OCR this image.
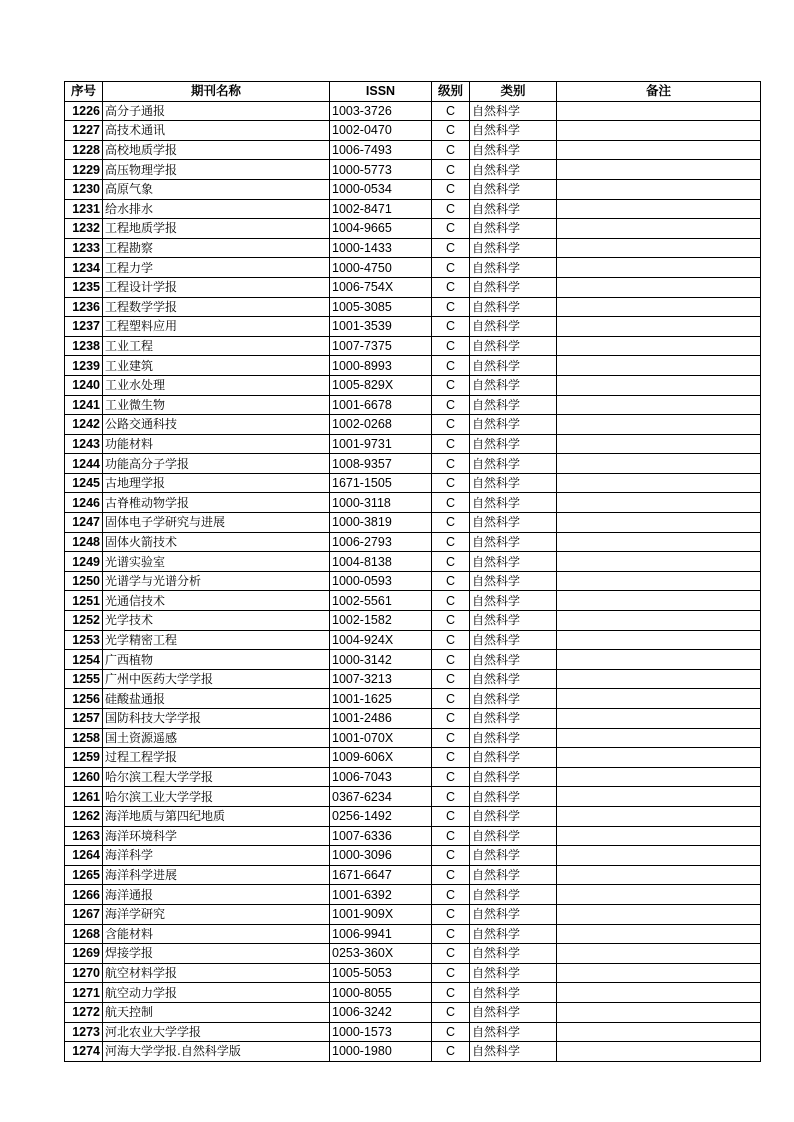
序号	期刊名称	ISSN	级别	类别	备注
1226	高分子通报	1003-3726	C	自然科学	
1227	高技术通讯	1002-0470	C	自然科学	
1228	高校地质学报	1006-7493	C	自然科学	
1229	高压物理学报	1000-5773	C	自然科学	
1230	高原气象	1000-0534	C	自然科学	
1231	给水排水	1002-8471	C	自然科学	
1232	工程地质学报	1004-9665	C	自然科学	
1233	工程勘察	1000-1433	C	自然科学	
1234	工程力学	1000-4750	C	自然科学	
1235	工程设计学报	1006-754X	C	自然科学	
1236	工程数学学报	1005-3085	C	自然科学	
1237	工程塑料应用	1001-3539	C	自然科学	
1238	工业工程	1007-7375	C	自然科学	
1239	工业建筑	1000-8993	C	自然科学	
1240	工业水处理	1005-829X	C	自然科学	
1241	工业微生物	1001-6678	C	自然科学	
1242	公路交通科技	1002-0268	C	自然科学	
1243	功能材料	1001-9731	C	自然科学	
1244	功能高分子学报	1008-9357	C	自然科学	
1245	古地理学报	1671-1505	C	自然科学	
1246	古脊椎动物学报	1000-3118	C	自然科学	
1247	固体电子学研究与进展	1000-3819	C	自然科学	
1248	固体火箭技术	1006-2793	C	自然科学	
1249	光谱实验室	1004-8138	C	自然科学	
1250	光谱学与光谱分析	1000-0593	C	自然科学	
1251	光通信技术	1002-5561	C	自然科学	
1252	光学技术	1002-1582	C	自然科学	
1253	光学精密工程	1004-924X	C	自然科学	
1254	广西植物	1000-3142	C	自然科学	
1255	广州中医药大学学报	1007-3213	C	自然科学	
1256	硅酸盐通报	1001-1625	C	自然科学	
1257	国防科技大学学报	1001-2486	C	自然科学	
1258	国土资源遥感	1001-070X	C	自然科学	
1259	过程工程学报	1009-606X	C	自然科学	
1260	哈尔滨工程大学学报	1006-7043	C	自然科学	
1261	哈尔滨工业大学学报	0367-6234	C	自然科学	
1262	海洋地质与第四纪地质	0256-1492	C	自然科学	
1263	海洋环境科学	1007-6336	C	自然科学	
1264	海洋科学	1000-3096	C	自然科学	
1265	海洋科学进展	1671-6647	C	自然科学	
1266	海洋通报	1001-6392	C	自然科学	
1267	海洋学研究	1001-909X	C	自然科学	
1268	含能材料	1006-9941	C	自然科学	
1269	焊接学报	0253-360X	C	自然科学	
1270	航空材料学报	1005-5053	C	自然科学	
1271	航空动力学报	1000-8055	C	自然科学	
1272	航天控制	1006-3242	C	自然科学	
1273	河北农业大学学报	1000-1573	C	自然科学	
1274	河海大学学报.自然科学版	1000-1980	C	自然科学	
